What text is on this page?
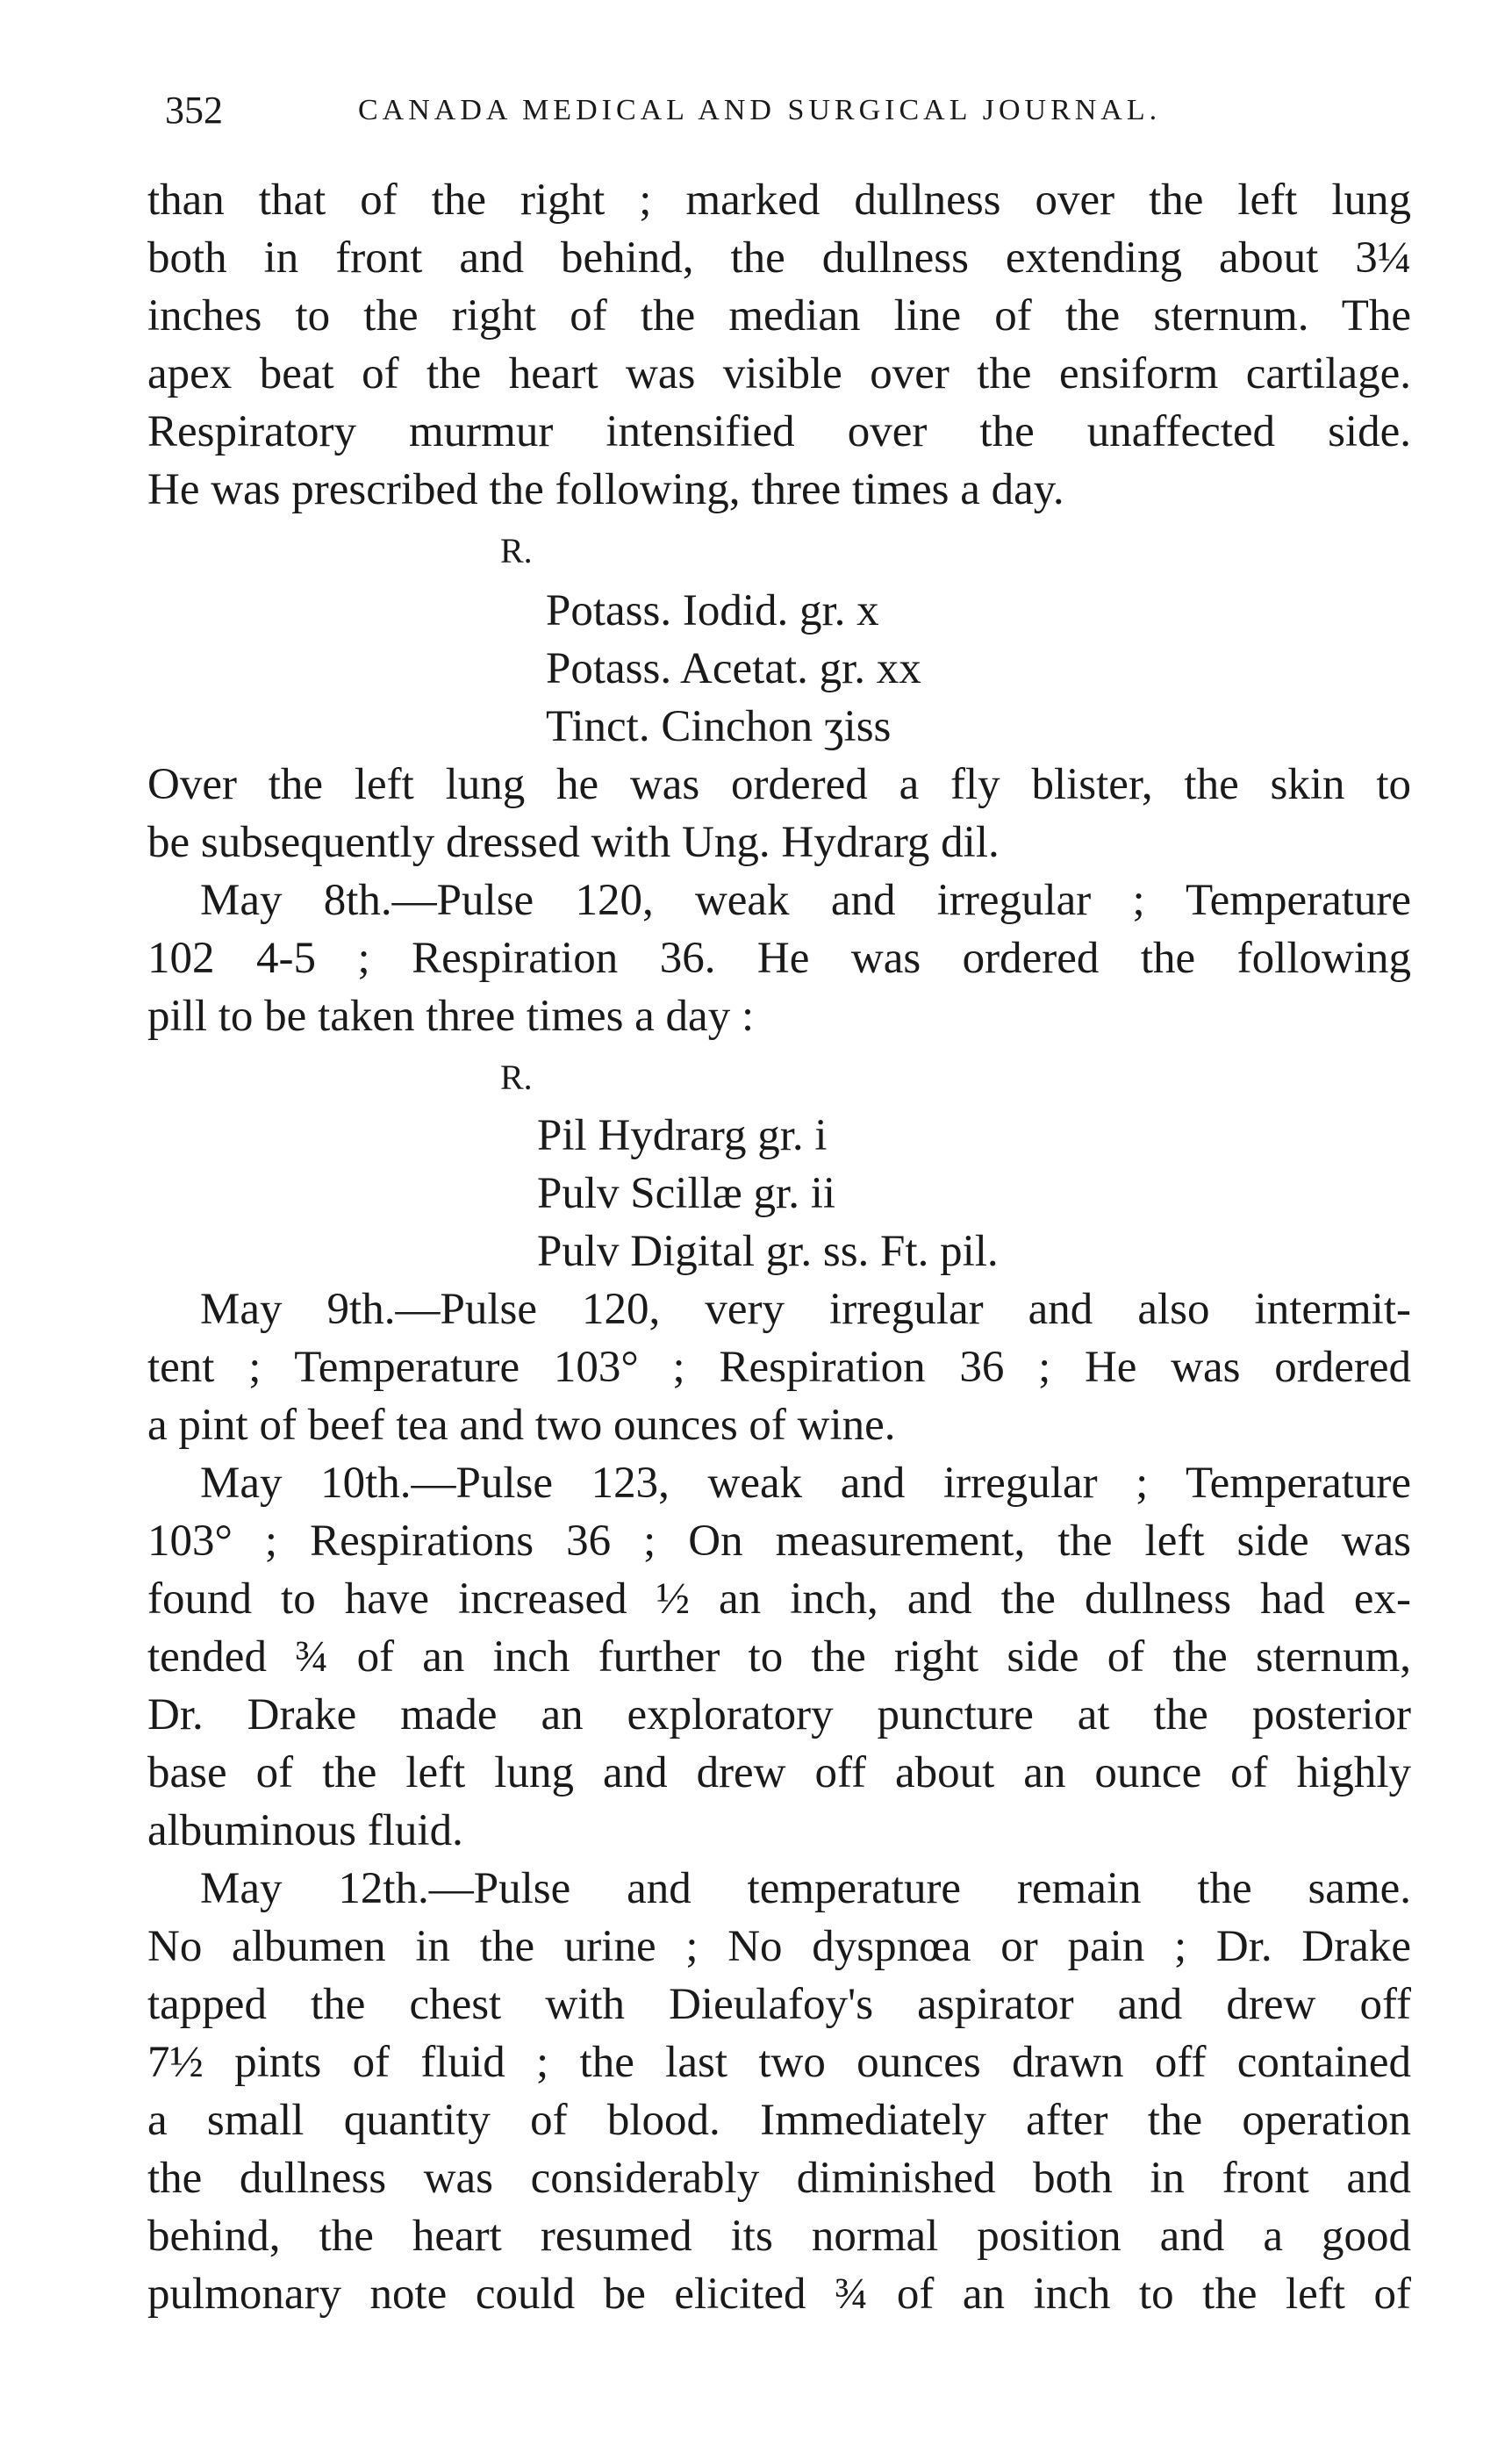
352	CANADA MEDICAL AND SURGICAL JOURNAL.
than that of the right ; marked dullness over the left lung
both in front and behind, the dullness extending about 3¼
inches to the right of the median line of the sternum. The
apex beat of the heart was visible over the ensiform cartilage.
Respiratory murmur intensified over the unaffected side.
He was prescribed the following, three times a day.
R.
Potass. Iodid. gr. x
Potass. Acetat. gr. xx
Tinct. Cinchon ʒiss
Over the left lung he was ordered a fly blister, the skin to
be subsequently dressed with Ung. Hydrarg dil.
May 8th.—Pulse 120, weak and irregular ; Temperature
102 4-5 ; Respiration 36. He was ordered the following
pill to be taken three times a day :
R.
Pil Hydrarg gr. i
Pulv Scillæ gr. ii
Pulv Digital gr. ss. Ft. pil.
May 9th.—Pulse 120, very irregular and also intermit-
tent ; Temperature 103° ; Respiration 36 ; He was ordered
a pint of beef tea and two ounces of wine.
May 10th.—Pulse 123, weak and irregular ; Temperature
103° ; Respirations 36 ; On measurement, the left side was
found to have increased ½ an inch, and the dullness had ex-
tended ¾ of an inch further to the right side of the sternum,
Dr. Drake made an exploratory puncture at the posterior
base of the left lung and drew off about an ounce of highly
albuminous fluid.
May 12th.—Pulse and temperature remain the same.
No albumen in the urine ; No dyspnœa or pain ; Dr. Drake
tapped the chest with Dieulafoy's aspirator and drew off
7½ pints of fluid ; the last two ounces drawn off contained
a small quantity of blood. Immediately after the operation
the dullness was considerably diminished both in front and
behind, the heart resumed its normal position and a good
pulmonary note could be elicited ¾ of an inch to the left of
